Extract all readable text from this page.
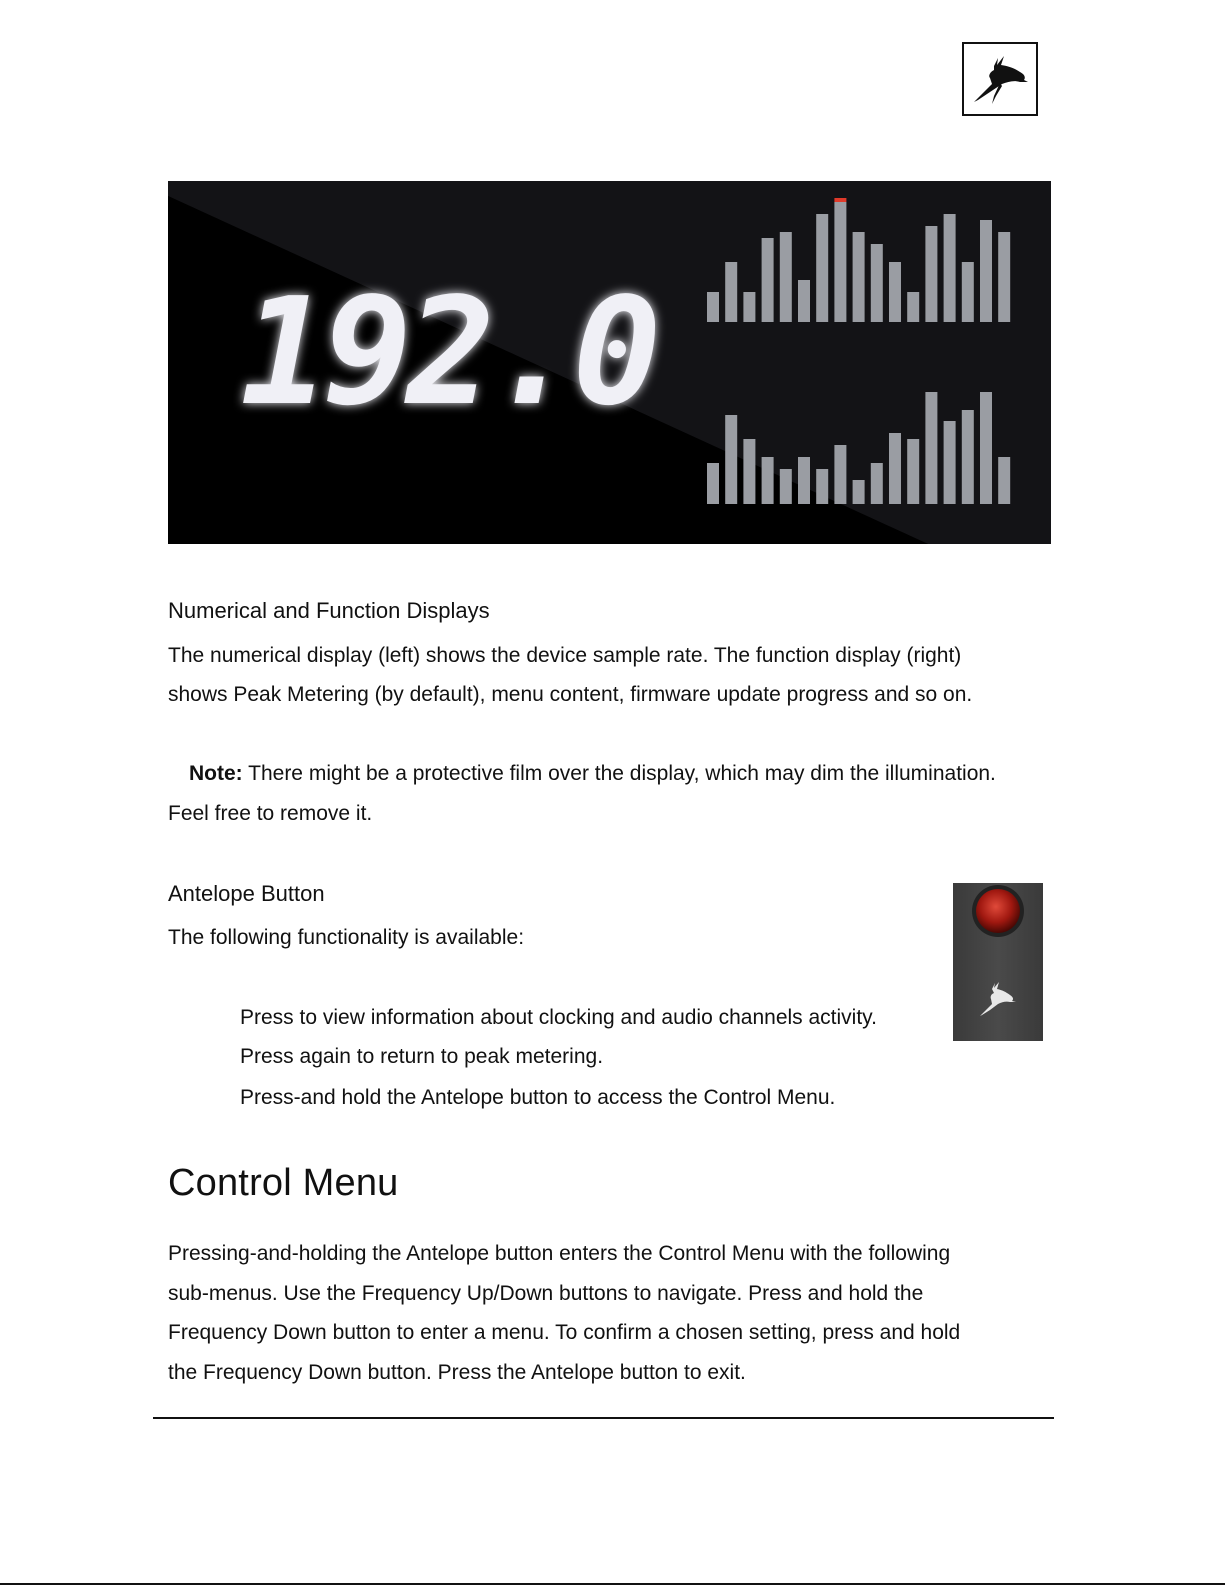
192.0
Numerical and Function Displays
The numerical display (left) shows the device sample rate. The function display (right)
shows Peak Metering (by default), menu content, firmware update progress and so on.
Note: There might be a protective film over the display, which may dim the illumination.
Feel free to remove it.
Antelope Button
The following functionality is available:
Press to view information about clocking and audio channels activity.
Press again to return to peak metering.
Press-and hold the Antelope button to access the Control Menu.
Control Menu
Pressing-and-holding the Antelope button enters the Control Menu with the following
sub-menus. Use the Frequency Up/Down buttons to navigate. Press and hold the
Frequency Down button to enter a menu. To confirm a chosen setting, press and hold
the Frequency Down button. Press the Antelope button to exit.
